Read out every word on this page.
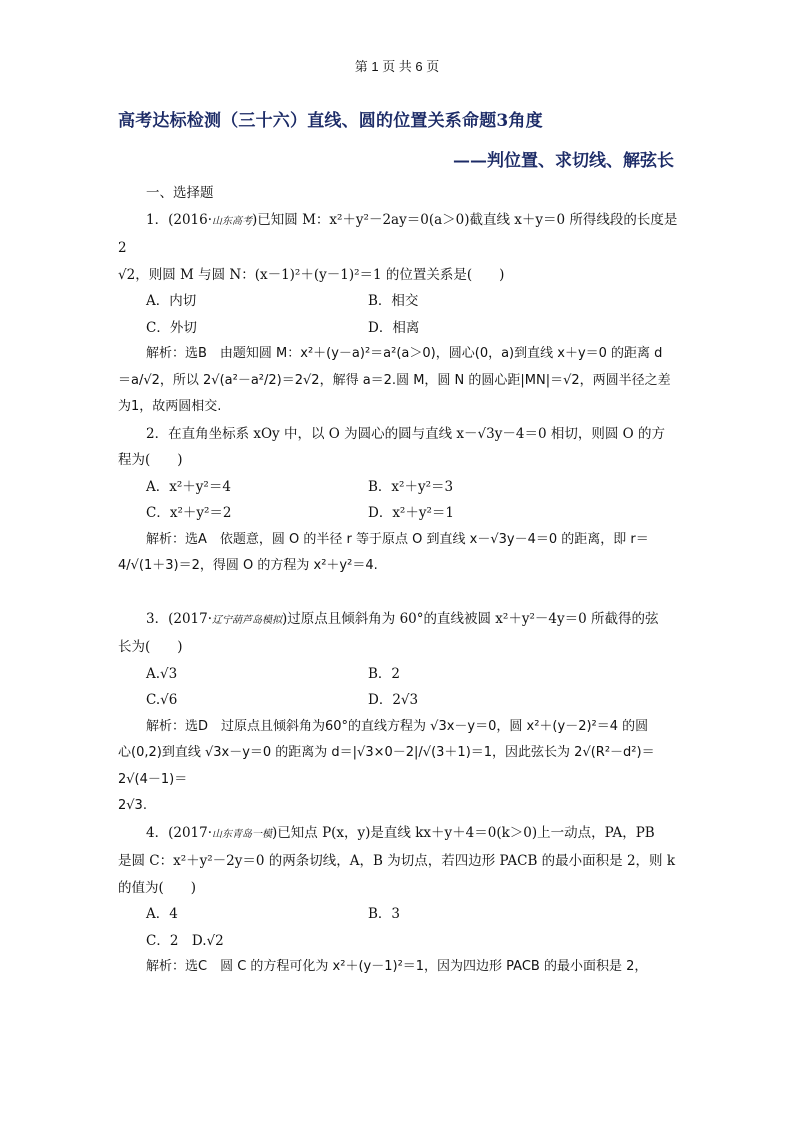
第 1 页 共 6 页
高考达标检测（三十六）直线、圆的位置关系命题3角度
——判位置、求切线、解弦长
一、选择题

1．(2016·山东高考)已知圆 M：x²＋y²－2ay＝0(a＞0)截直线 x＋y＝0 所得线段的长度是 2

√2，则圆 M 与圆 N：(x－1)²＋(y－1)²＝1 的位置关系是(　　)

A．内切	B．相交
C．外切	D．相离

解析：选B　由题知圆 M：x²＋(y－a)²＝a²(a＞0)，圆心(0，a)到直线 x＋y＝0 的距离 d

＝a/√2，所以 2√(a²－a²/2)＝2√2，解得 a＝2.圆 M，圆 N 的圆心距|MN|＝√2，两圆半径之差

为1，故两圆相交.

2．在直角坐标系 xOy 中，以 O 为圆心的圆与直线 x－√3y－4＝0 相切，则圆 O 的方

程为(　　)

A．x²＋y²＝4	B．x²＋y²＝3
C．x²＋y²＝2	D．x²＋y²＝1

解析：选A　依题意，圆 O 的半径 r 等于原点 O 到直线 x－√3y－4＝0 的距离，即 r＝

4/√(1＋3)＝2，得圆 O 的方程为 x²＋y²＝4.

3．(2017·辽宁葫芦岛模拟)过原点且倾斜角为 60°的直线被圆 x²＋y²－4y＝0 所截得的弦

长为(　　)

A.√3	B．2
C.√6	D．2√3

解析：选D　过原点且倾斜角为60°的直线方程为 √3x－y＝0，圆 x²＋(y－2)²＝4 的圆

心(0,2)到直线 √3x－y＝0 的距离为 d＝|√3×0－2|/√(3＋1)＝1，因此弦长为 2√(R²－d²)＝2√(4－1)＝

2√3.

4．(2017·山东青岛一模)已知点 P(x，y)是直线 kx＋y＋4＝0(k＞0)上一动点，PA，PB

是圆 C：x²＋y²－2y＝0 的两条切线，A，B 为切点，若四边形 PACB 的最小面积是 2，则 k

的值为(　　)

A．4	B．3

C．2　D.√2

解析：选C　圆 C 的方程可化为 x²＋(y－1)²＝1，因为四边形 PACB 的最小面积是 2，
